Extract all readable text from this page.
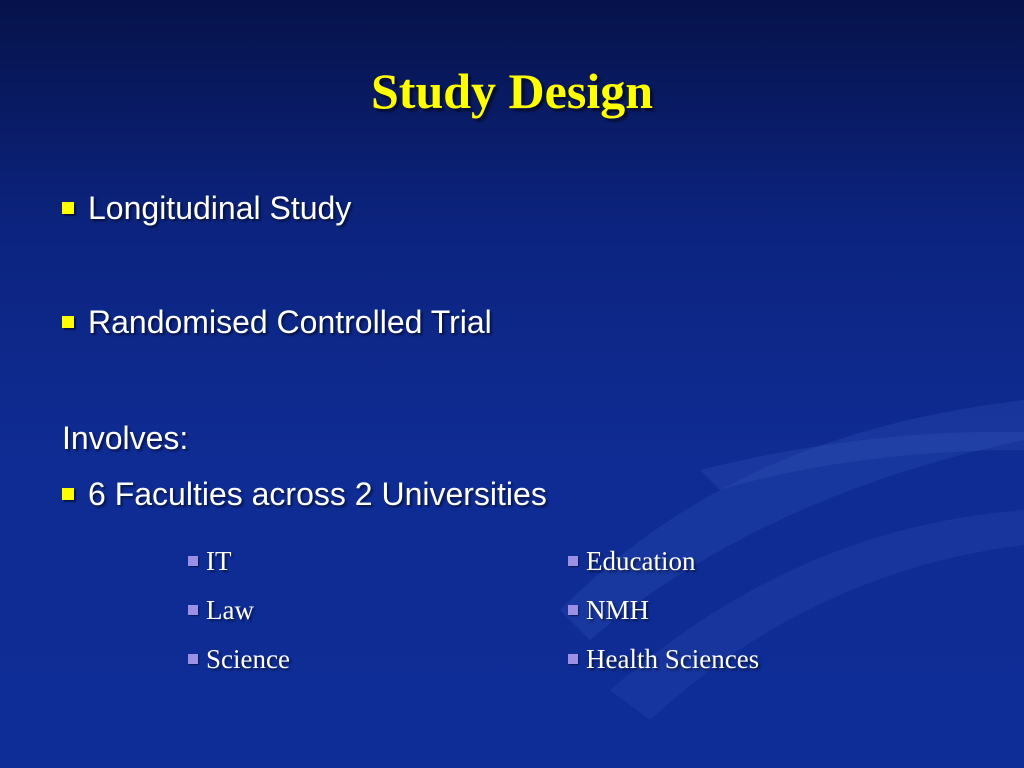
Study Design
Longitudinal Study
Randomised Controlled Trial
Involves:
6 Faculties across 2 Universities
IT
Law
Science
Education
NMH
Health Sciences
